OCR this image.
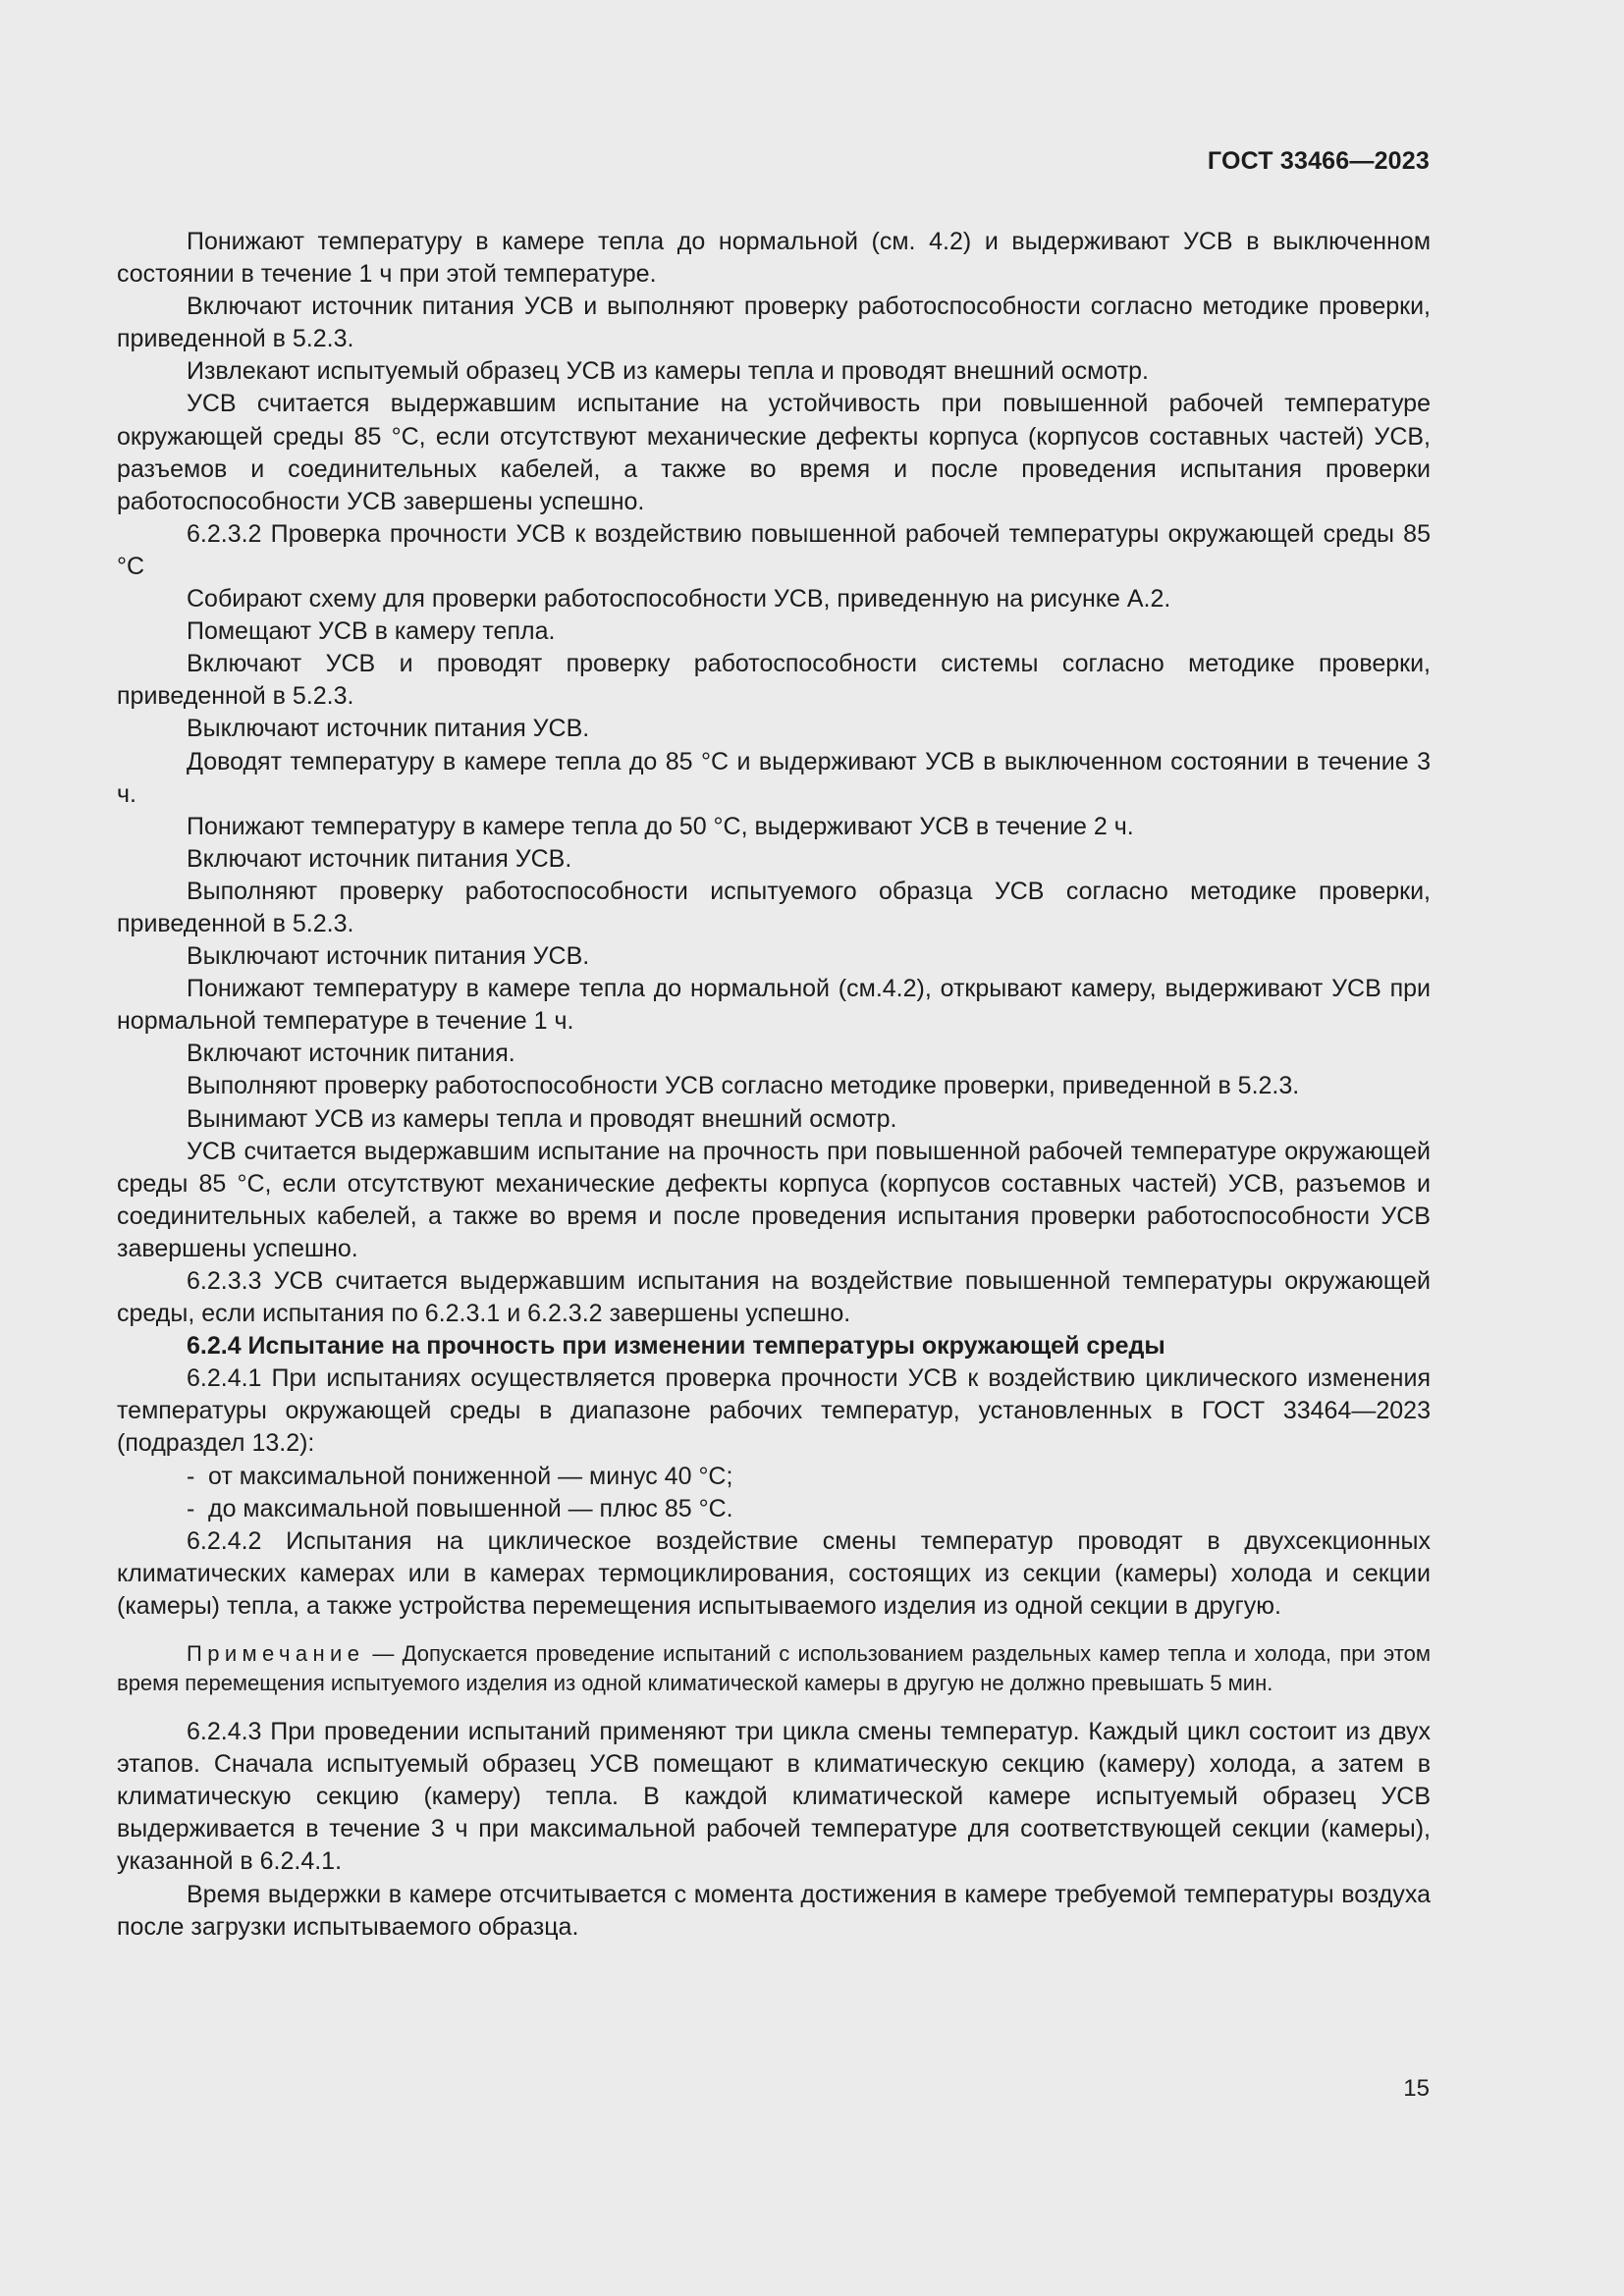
ГОСТ 33466—2023

Понижают температуру в камере тепла до нормальной (см. 4.2) и выдерживают УСВ в выключенном состоянии в течение 1 ч при этой температуре.

Включают источник питания УСВ и выполняют проверку работоспособности согласно методике проверки, приведенной в 5.2.3.

Извлекают испытуемый образец УСВ из камеры тепла и проводят внешний осмотр.

УСВ считается выдержавшим испытание на устойчивость при повышенной рабочей температуре окружающей среды 85 °С, если отсутствуют механические дефекты корпуса (корпусов составных частей) УСВ, разъемов и соединительных кабелей, а также во время и после проведения испытания проверки работоспособности УСВ завершены успешно.

6.2.3.2 Проверка прочности УСВ к воздействию повышенной рабочей температуры окружающей среды 85 °С

Собирают схему для проверки работоспособности УСВ, приведенную на рисунке А.2.

Помещают УСВ в камеру тепла.

Включают УСВ и проводят проверку работоспособности системы согласно методике проверки, приведенной в 5.2.3.

Выключают источник питания УСВ.

Доводят температуру в камере тепла до 85 °С и выдерживают УСВ в выключенном состоянии в течение 3 ч.

Понижают температуру в камере тепла до 50 °С, выдерживают УСВ в течение 2 ч.

Включают источник питания УСВ.

Выполняют проверку работоспособности испытуемого образца УСВ согласно методике проверки, приведенной в 5.2.3.

Выключают источник питания УСВ.

Понижают температуру в камере тепла до нормальной (см.4.2), открывают камеру, выдерживают УСВ при нормальной температуре в течение 1 ч.

Включают источник питания.

Выполняют проверку работоспособности УСВ согласно методике проверки, приведенной в 5.2.3.

Вынимают УСВ из камеры тепла и проводят внешний осмотр.

УСВ считается выдержавшим испытание на прочность при повышенной рабочей температуре окружающей среды 85 °С, если отсутствуют механические дефекты корпуса (корпусов составных частей) УСВ, разъемов и соединительных кабелей, а также во время и после проведения испытания проверки работоспособности УСВ завершены успешно.

6.2.3.3 УСВ считается выдержавшим испытания на воздействие повышенной температуры окружающей среды, если испытания по 6.2.3.1 и 6.2.3.2 завершены успешно.

6.2.4 Испытание на прочность при изменении температуры окружающей среды

6.2.4.1 При испытаниях осуществляется проверка прочности УСВ к воздействию циклического изменения температуры окружающей среды в диапазоне рабочих температур, установленных в ГОСТ 33464—2023 (подраздел 13.2):

- от максимальной пониженной — минус 40 °С;

- до максимальной повышенной — плюс 85 °С.

6.2.4.2 Испытания на циклическое воздействие смены температур проводят в двухсекционных климатических камерах или в камерах термоциклирования, состоящих из секции (камеры) холода и секции (камеры) тепла, а также устройства перемещения испытываемого изделия из одной секции в другую.

Примечание — Допускается проведение испытаний с использованием раздельных камер тепла и холода, при этом время перемещения испытуемого изделия из одной климатической камеры в другую не должно превышать 5 мин.

6.2.4.3 При проведении испытаний применяют три цикла смены температур. Каждый цикл состоит из двух этапов. Сначала испытуемый образец УСВ помещают в климатическую секцию (камеру) холода, а затем в климатическую секцию (камеру) тепла. В каждой климатической камере испытуемый образец УСВ выдерживается в течение 3 ч при максимальной рабочей температуре для соответствующей секции (камеры), указанной в 6.2.4.1.

Время выдержки в камере отсчитывается с момента достижения в камере требуемой температуры воздуха после загрузки испытываемого образца.

15
